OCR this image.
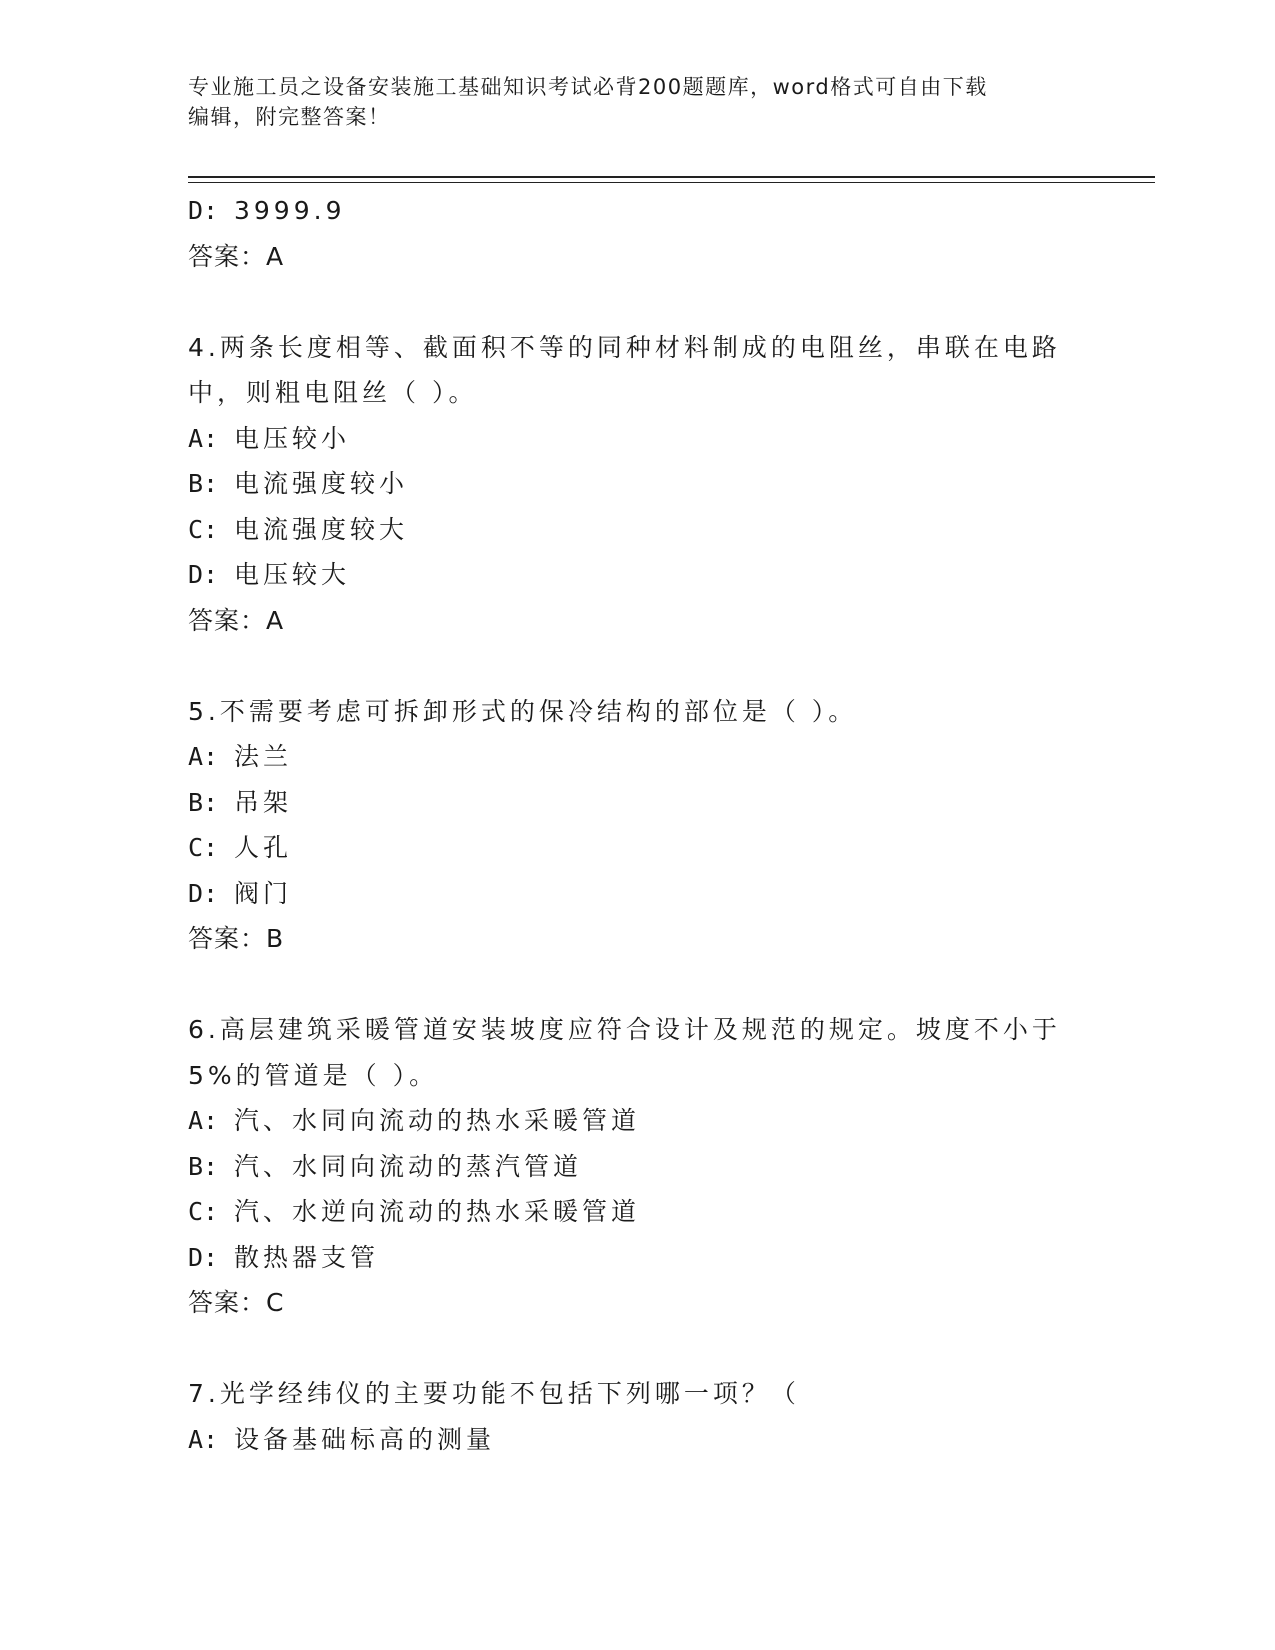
专业施工员之设备安装施工基础知识考试必背200题题库，word格式可自由下载
编辑，附完整答案！
D: 3999.9
答案：A
4.两条长度相等、截面积不等的同种材料制成的电阻丝，串联在电路
中，则粗电阻丝（ ）。
A: 电压较小
B: 电流强度较小
C: 电流强度较大
D: 电压较大
答案：A
5.不需要考虑可拆卸形式的保冷结构的部位是（ ）。
A: 法兰
B: 吊架
C: 人孔
D: 阀门
答案：B
6.高层建筑采暖管道安装坡度应符合设计及规范的规定。坡度不小于
5%的管道是（ ）。
A: 汽、水同向流动的热水采暖管道
B: 汽、水同向流动的蒸汽管道
C: 汽、水逆向流动的热水采暖管道
D: 散热器支管
答案：C
7.光学经纬仪的主要功能不包括下列哪一项？（
A: 设备基础标高的测量
